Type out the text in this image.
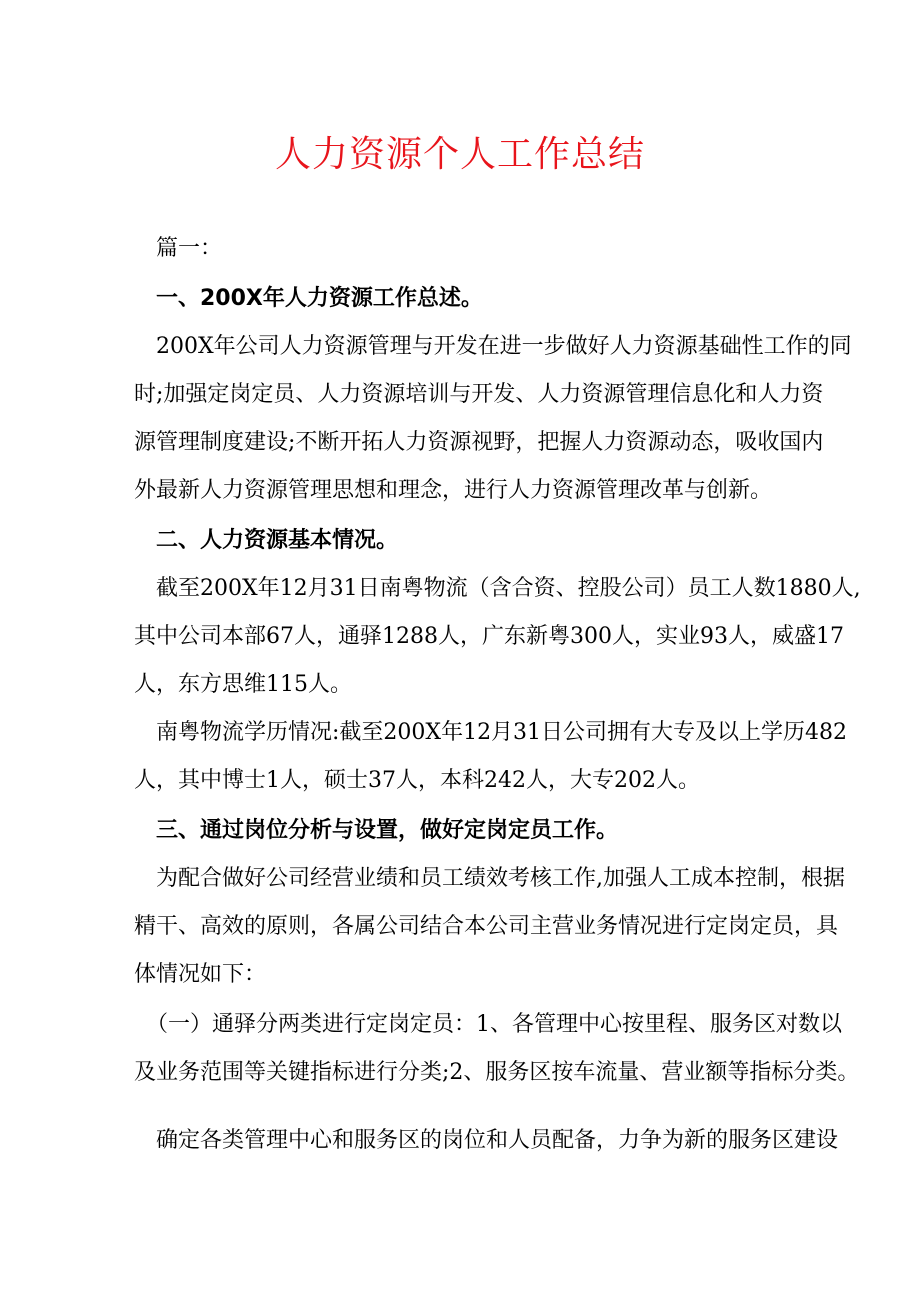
人力资源个人工作总结

篇一：

一、200X年人力资源工作总述。

200X年公司人力资源管理与开发在进一步做好人力资源基础性工作的同

时;加强定岗定员、人力资源培训与开发、人力资源管理信息化和人力资

源管理制度建设;不断开拓人力资源视野，把握人力资源动态，吸收国内

外最新人力资源管理思想和理念，进行人力资源管理改革与创新。

二、人力资源基本情况。

截至200X年12月31日南粤物流（含合资、控股公司）员工人数1880人,

其中公司本部67人，通驿1288人，广东新粤300人，实业93人，威盛17

人，东方思维115人。

南粤物流学历情况:截至200X年12月31日公司拥有大专及以上学历482

人，其中博士1人，硕士37人，本科242人，大专202人。

三、通过岗位分析与设置，做好定岗定员工作。

为配合做好公司经营业绩和员工绩效考核工作,加强人工成本控制，根据

精干、高效的原则，各属公司结合本公司主营业务情况进行定岗定员，具

体情况如下：

（一）通驿分两类进行定岗定员：1、各管理中心按里程、服务区对数以

及业务范围等关键指标进行分类;2、服务区按车流量、营业额等指标分类。

确定各类管理中心和服务区的岗位和人员配备，力争为新的服务区建设
